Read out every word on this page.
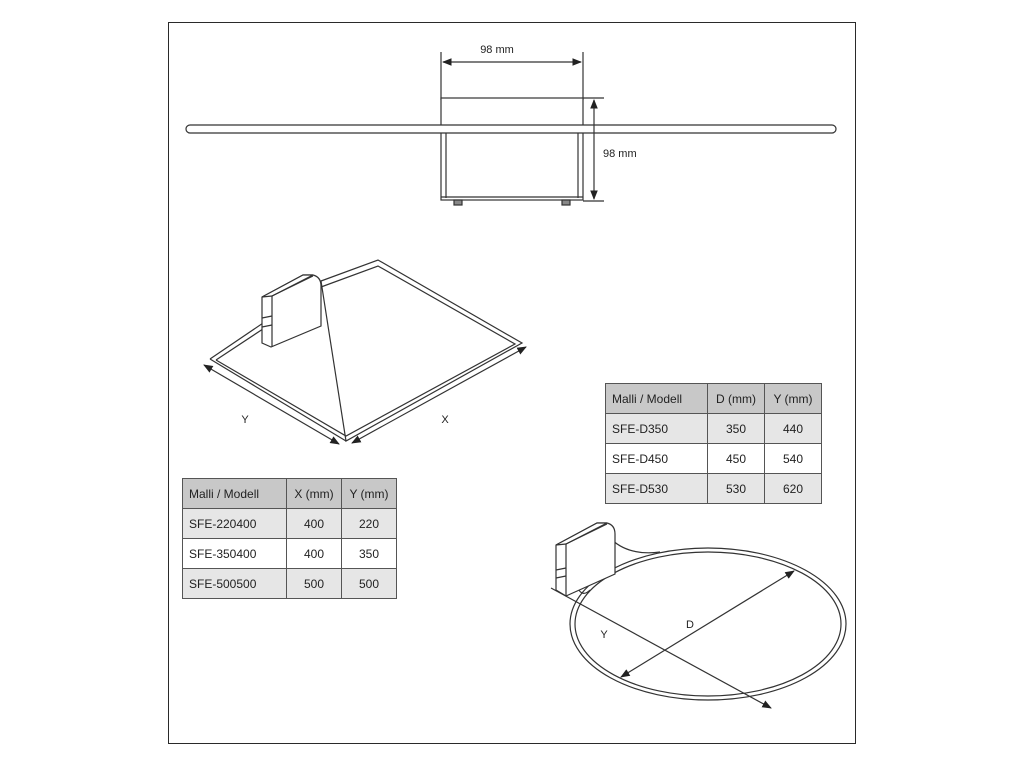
98 mm
98 mm
Y	X
Y
D
Malli / Modell	X (mm)	Y (mm)
SFE-220400	400	220
SFE-350400	400	350
SFE-500500	500	500
Malli / Modell	D (mm)	Y (mm)
SFE-D350	350	440
SFE-D450	450	540
SFE-D530	530	620
